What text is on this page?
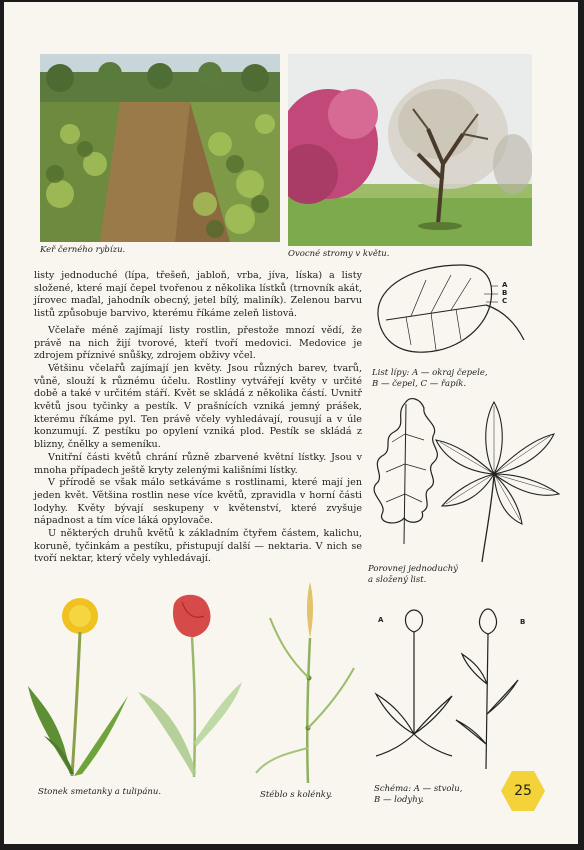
Keř černého rybízu.	Ovocné stromy v květu.

listy jednoduché (lípa, třešeň, jabloň, vrba, jíva, líska) a listy složené, které mají čepel tvořenou z několika lístků (trnovník akát, jírovec maďal, jahodník obecný, jetel bílý, maliník). Zelenou barvu listů způsobuje barvivo, kterému říkáme zeleň listová.

Včelaře méně zajímají listy rostlin, přestože mnozí vědí, že právě na nich žijí tvorové, kteří tvoří medovici. Medovice je zdrojem příznivé snůšky, zdrojem obživy včel.

Většinu včelařů zajímají jen květy. Jsou různých barev, tvarů, vůně, slouží k různému účelu. Rostliny vytvářejí květy v určité době a také v určitém stáří. Květ se skládá z několika částí. Uvnitř květů jsou tyčinky a pestík. V prašnících vzniká jemný prášek, kterému říkáme pyl. Ten právě včely vyhledávají, rousují a v úle konzumují. Z pestíku po opylení vzniká plod. Pestík se skládá z blizny, čnělky a semeníku.

Vnitřní části květů chrání různě zbarvené květní lístky. Jsou v mnoha případech ještě kryty zelenými kališními lístky.

V přírodě se však málo setkáváme s rostlinami, které mají jen jeden květ. Většina rostlin nese více květů, zpravidla v horní části lodyhy. Květy bývají seskupeny v květenství, které zvyšuje nápadnost a tím více láká opylovače.

U některých druhů květů k základním čtyřem částem, kalichu, koruně, tyčinkám a pestíku, přistupují další — nektaria. V nich se tvoří nektar, který včely vyhledávají.

A
B
C
List lípy: A — okraj čepele,
B — čepel, C — řapík.
Porovnej jednoduchý
a složený list.
Stonek smetanky a tulipánu.	Stéblo s kolénky.
A	B
Schéma: A — stvolu,
B — lodyhy.
25
